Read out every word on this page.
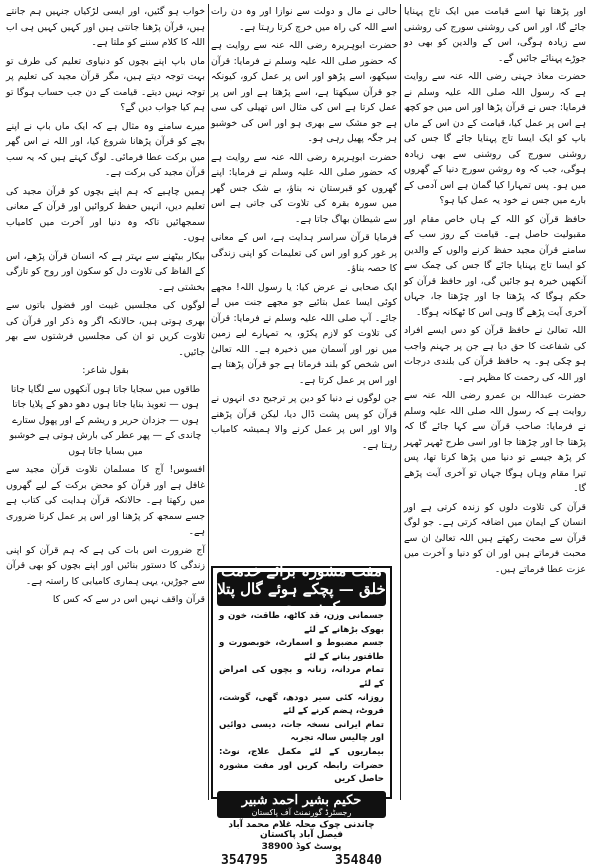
اور پڑھتا تھا اسے قیامت میں ایک تاج پہنایا جائے گا، اور اس کی روشنی سورج کی روشنی سے زیادہ ہوگی، اس کے والدین کو بھی دو جوڑے پہنائے جائیں گے۔

حضرت معاذ جہنی رضی اللہ عنہ سے روایت ہے کہ رسول اللہ صلی اللہ علیہ وسلم نے فرمایا: جس نے قرآن پڑھا اور اس میں جو کچھ ہے اس پر عمل کیا، قیامت کے دن اس کے ماں باپ کو ایک ایسا تاج پہنایا جائے گا جس کی روشنی سورج کی روشنی سے بھی زیادہ ہوگی، جب کہ وہ روشن سورج دنیا کے گھروں میں ہو۔ پس تمہارا کیا گمان ہے اس آدمی کے بارے میں جس نے خود یہ عمل کیا ہو؟

حافظ قرآن کو اللہ کے ہاں خاص مقام اور مقبولیت حاصل ہے۔ قیامت کے روز سب کے سامنے قرآن مجید حفظ کرنے والوں کے والدین کو ایسا تاج پہنایا جائے گا جس کی چمک سے آنکھیں خیرہ ہو جائیں گی، اور حافظ قرآن کو حکم ہوگا کہ پڑھتا جا اور چڑھتا جا، جہاں آخری آیت پڑھے گا وہی اس کا ٹھکانہ ہوگا۔

اللہ تعالیٰ نے حافظ قرآن کو دس ایسے افراد کی شفاعت کا حق دیا ہے جن پر جہنم واجب ہو چکی ہو۔ یہ حافظ قرآن کی بلندی درجات اور اللہ کی رحمت کا مظہر ہے۔

حضرت عبداللہ بن عمرو رضی اللہ عنہ سے روایت ہے کہ رسول اللہ صلی اللہ علیہ وسلم نے فرمایا: صاحب قرآن سے کہا جائے گا کہ پڑھتا جا اور چڑھتا جا اور اسی طرح ٹھہر ٹھہر کر پڑھ جیسے تو دنیا میں پڑھا کرتا تھا، پس تیرا مقام وہاں ہوگا جہاں تو آخری آیت پڑھے گا۔

قرآن کی تلاوت دلوں کو زندہ کرتی ہے اور انسان کے ایمان میں اضافہ کرتی ہے۔ جو لوگ قرآن سے محبت رکھتے ہیں اللہ تعالیٰ ان سے محبت فرماتے ہیں اور ان کو دنیا و آخرت میں عزت عطا فرماتے ہیں۔

حالی نے مال و دولت سے نوازا اور وہ دن رات اسے اللہ کی راہ میں خرچ کرتا رہتا ہے۔

حضرت ابوہریرہ رضی اللہ عنہ سے روایت ہے کہ حضور صلی اللہ علیہ وسلم نے فرمایا: قرآن سیکھو، اسے پڑھو اور اس پر عمل کرو، کیونکہ جو قرآن سیکھتا ہے، اسے پڑھتا ہے اور اس پر عمل کرتا ہے اس کی مثال اس تھیلی کی سی ہے جو مشک سے بھری ہو اور اس کی خوشبو ہر جگہ پھیل رہی ہو۔

حضرت ابوہریرہ رضی اللہ عنہ سے روایت ہے کہ حضور صلی اللہ علیہ وسلم نے فرمایا: اپنے گھروں کو قبرستان نہ بناؤ، بے شک جس گھر میں سورہ بقرہ کی تلاوت کی جاتی ہے اس سے شیطان بھاگ جاتا ہے۔

فرمایا قرآن سراسر ہدایت ہے، اس کے معانی پر غور کرو اور اس کی تعلیمات کو اپنی زندگی کا حصہ بناؤ۔

ایک صحابی نے عرض کیا: یا رسول اللہ! مجھے کوئی ایسا عمل بتائیے جو مجھے جنت میں لے جائے۔ آپ صلی اللہ علیہ وسلم نے فرمایا: قرآن کی تلاوت کو لازم پکڑو، یہ تمہارے لیے زمین میں نور اور آسمان میں ذخیرہ ہے۔ اللہ تعالیٰ اس شخص کو بلند فرماتا ہے جو قرآن پڑھتا ہے اور اس پر عمل کرتا ہے۔

جن لوگوں نے دنیا کو دین پر ترجیح دی انہوں نے قرآن کو پس پشت ڈال دیا، لیکن قرآن پڑھنے والا اور اس پر عمل کرنے والا ہمیشہ کامیاب رہتا ہے۔

خواب ہو گئیں، اور ایسی لڑکیاں جنہیں ہم جانتے ہیں، قرآن پڑھنا جانتی ہیں اور کہیں کہیں ہی اب اللہ کا کلام سننے کو ملتا ہے۔

ماں باپ اپنے بچوں کو دنیاوی تعلیم کی طرف تو بہت توجہ دیتے ہیں، مگر قرآن مجید کی تعلیم پر توجہ نہیں دیتے۔ قیامت کے دن جب حساب ہوگا تو ہم کیا جواب دیں گے؟

میرے سامنے وہ مثال ہے کہ ایک ماں باپ نے اپنے بچے کو قرآن پڑھانا شروع کیا، اور اللہ نے اس گھر میں برکت عطا فرمائی۔ لوگ کہتے ہیں کہ یہ سب قرآن مجید کی برکت ہے۔

ہمیں چاہیے کہ ہم اپنے بچوں کو قرآن مجید کی تعلیم دیں، انہیں حفظ کروائیں اور قرآن کے معانی سمجھائیں تاکہ وہ دنیا اور آخرت میں کامیاب ہوں۔

بیکار بیٹھنے سے بہتر ہے کہ انسان قرآن پڑھے، اس کے الفاظ کی تلاوت دل کو سکون اور روح کو تازگی بخشتی ہے۔

لوگوں کی مجلسیں غیبت اور فضول باتوں سے بھری ہوتی ہیں، حالانکہ اگر وہ ذکر اور قرآن کی تلاوت کریں تو ان کی مجلسیں فرشتوں سے بھر جائیں۔

بقول شاعر:

طاقوں میں سجایا جاتا ہوں آنکھوں سے لگایا جاتا ہوں — تعویذ بنایا جاتا ہوں دھو دھو کے پلایا جاتا ہوں — جزدان حریر و ریشم کے اور پھول ستارے چاندی کے — پھر عطر کی بارش ہوتی ہے خوشبو میں بسایا جاتا ہوں

افسوس! آج کا مسلمان تلاوت قرآن مجید سے غافل ہے اور قرآن کو محض برکت کے لیے گھروں میں رکھتا ہے۔ حالانکہ قرآن ہدایت کی کتاب ہے جسے سمجھ کر پڑھنا اور اس پر عمل کرنا ضروری ہے۔

آج ضرورت اس بات کی ہے کہ ہم قرآن کو اپنی زندگی کا دستور بنائیں اور اپنے بچوں کو بھی قرآن سے جوڑیں، یہی ہماری کامیابی کا راستہ ہے۔

قرآن واقف نہیں اس در سے کہ کس کا

مفت مشورہ برائے خدمت خلق — پچکے ہوئے گال پتلا کمزور جسم

جسمانی وزن، قد کاٹھ، طاقت، خون و بھوک بڑھانے کے لئے

جسم مضبوط و اسمارٹ، خوبصورت و طاقتور بنانے کے لئے

تمام مردانہ، زنانہ و بچوں کی امراض کے لئے

روزانہ کئی سیر دودھ، گھی، گوشت، فروٹ، ہضم کرنے کے لئے

تمام ایرانی نسخہ جات، دیسی دوائیں اور چالیس سالہ تجربہ

بیماریوں کے لئے مکمل علاج، نوٹ: حضرات رابطہ کریں اور مفت مشورہ حاصل کریں

حکیم بشیر احمد شبیر
رجسٹرڈ گورنمنٹ آف پاکستان
چاندنی چوک محلہ غلام محمد آباد فیصل آباد پاکستان
پوسٹ کوڈ 38900
354795	354840
